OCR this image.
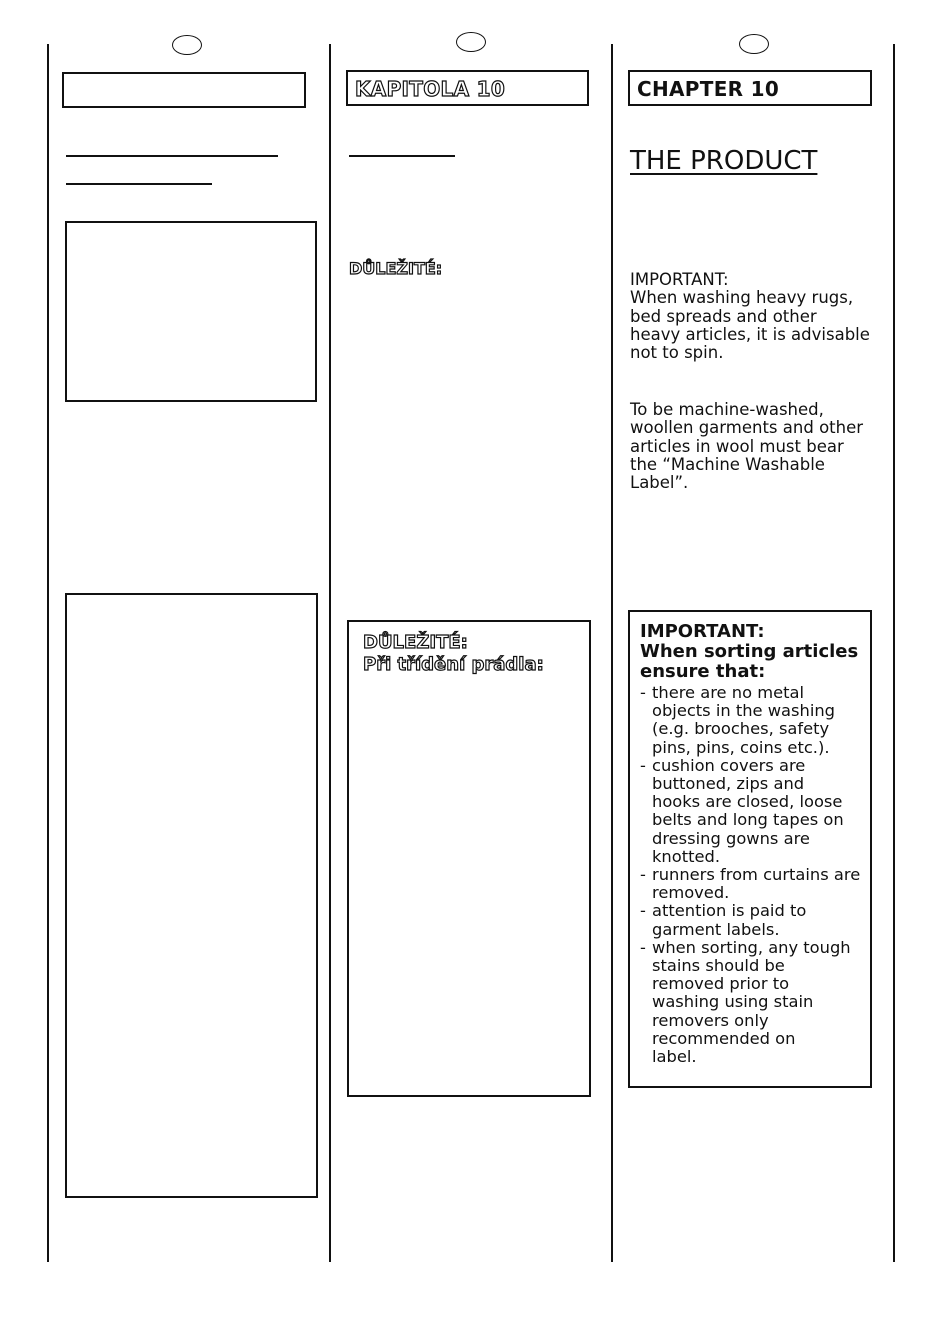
KAPITOLA 10	CHAPTER 10
DŮLEŽITÉ:
DŮLEŽITÉ:
Při třídění prádla:
THE PRODUCT
IMPORTANT:
When washing heavy rugs,
bed spreads and other
heavy articles, it is advisable
not to spin.
To be machine-washed,
woollen garments and other
articles in wool must bear
the “Machine Washable
Label”.
IMPORTANT:
When sorting articles
ensure that:
- there are no metal
objects in the washing
(e.g. brooches, safety
pins, pins, coins etc.).
- cushion covers are
buttoned, zips and
hooks are closed, loose
belts and long tapes on
dressing gowns are
knotted.
- runners from curtains are
removed.
- attention is paid to
garment labels.
- when sorting, any tough
stains should be
removed prior to
washing using stain
removers only
recommended on
label.
